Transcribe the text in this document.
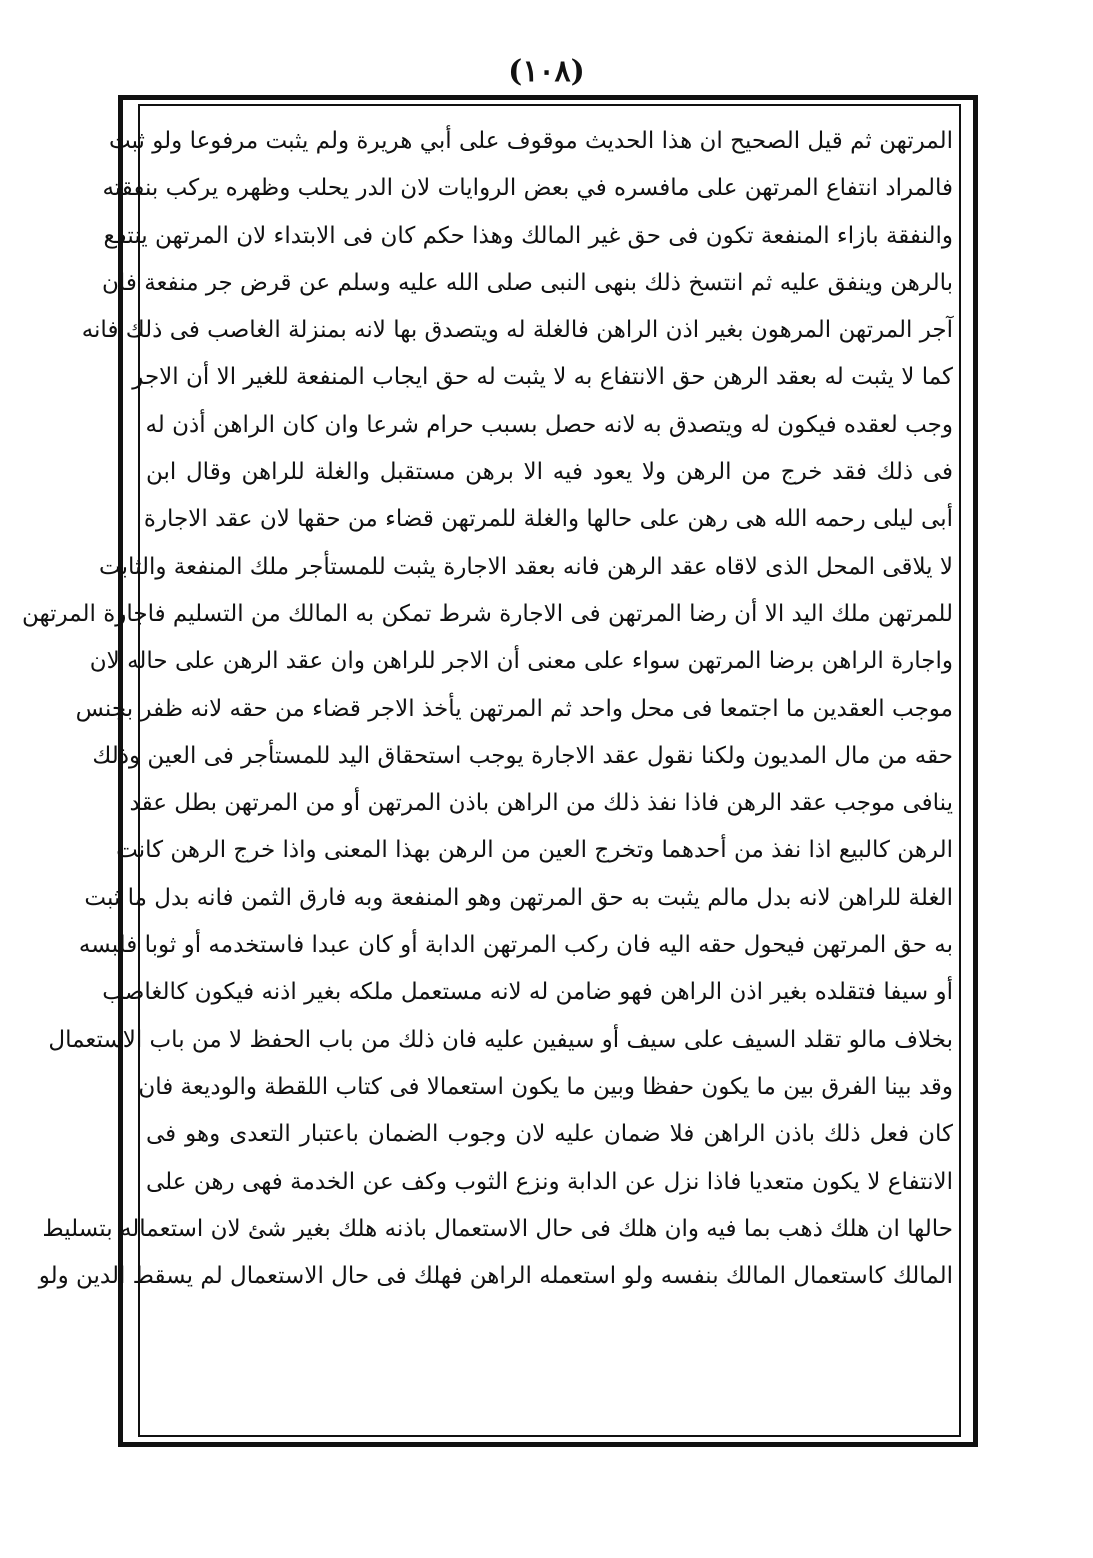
(١٠٨)
المرتهن ثم قيل الصحيح ان هذا الحديث موقوف على أبي هريرة ولم يثبت مرفوعا ولو ثبت
فالمراد انتفاع المرتهن على مافسره في بعض الروايات لان الدر يحلب وظهره يركب بنفقته
والنفقة بازاء المنفعة تكون فى حق غير المالك وهذا حكم كان فى الابتداء لان المرتهن ينتفع
بالرهن وينفق عليه ثم انتسخ ذلك بنهى النبى صلى الله عليه وسلم عن قرض جر منفعة فان
آجر المرتهن المرهون بغير اذن الراهن فالغلة له ويتصدق بها لانه بمنزلة الغاصب فى ذلك فانه
كما لا يثبت له بعقد الرهن حق الانتفاع به لا يثبت له حق ايجاب المنفعة للغير الا أن الاجر
وجب لعقده فيكون له ويتصدق به لانه حصل بسبب حرام شرعا وان كان الراهن أذن له
فى ذلك فقد خرج من الرهن ولا يعود فيه الا برهن مستقبل والغلة للراهن وقال ابن
أبى ليلى رحمه الله هى رهن على حالها والغلة للمرتهن قضاء من حقها لان عقد الاجارة
لا يلاقى المحل الذى لاقاه عقد الرهن فانه بعقد الاجارة يثبت للمستأجر ملك المنفعة والثابت
للمرتهن ملك اليد الا أن رضا المرتهن فى الاجارة شرط تمكن به المالك من التسليم فاجارة المرتهن
واجارة الراهن برضا المرتهن سواء على معنى أن الاجر للراهن وان عقد الرهن على حاله لان
موجب العقدين ما اجتمعا فى محل واحد ثم المرتهن يأخذ الاجر قضاء من حقه لانه ظفر بجنس
حقه من مال المديون ولكنا نقول عقد الاجارة يوجب استحقاق اليد للمستأجر فى العين وذلك
ينافى موجب عقد الرهن فاذا نفذ ذلك من الراهن باذن المرتهن أو من المرتهن بطل عقد
الرهن كالبيع اذا نفذ من أحدهما وتخرج العين من الرهن بهذا المعنى واذا خرج الرهن كانت
الغلة للراهن لانه بدل مالم يثبت به حق المرتهن وهو المنفعة وبه فارق الثمن فانه بدل ما ثبت
به حق المرتهن فيحول حقه اليه فان ركب المرتهن الدابة أو كان عبدا فاستخدمه أو ثوبا فلبسه
أو سيفا فتقلده بغير اذن الراهن فهو ضامن له لانه مستعمل ملكه بغير اذنه فيكون كالغاصب
بخلاف مالو تقلد السيف على سيف أو سيفين عليه فان ذلك من باب الحفظ لا من باب الاستعمال
وقد بينا الفرق بين ما يكون حفظا وبين ما يكون استعمالا فى كتاب اللقطة والوديعة فان
كان فعل ذلك باذن الراهن فلا ضمان عليه لان وجوب الضمان باعتبار التعدى وهو فى
الانتفاع لا يكون متعديا فاذا نزل عن الدابة ونزع الثوب وكف عن الخدمة فهى رهن على
حالها ان هلك ذهب بما فيه وان هلك فى حال الاستعمال باذنه هلك بغير شئ لان استعماله بتسليط
المالك كاستعمال المالك بنفسه ولو استعمله الراهن فهلك فى حال الاستعمال لم يسقط الدين ولو
